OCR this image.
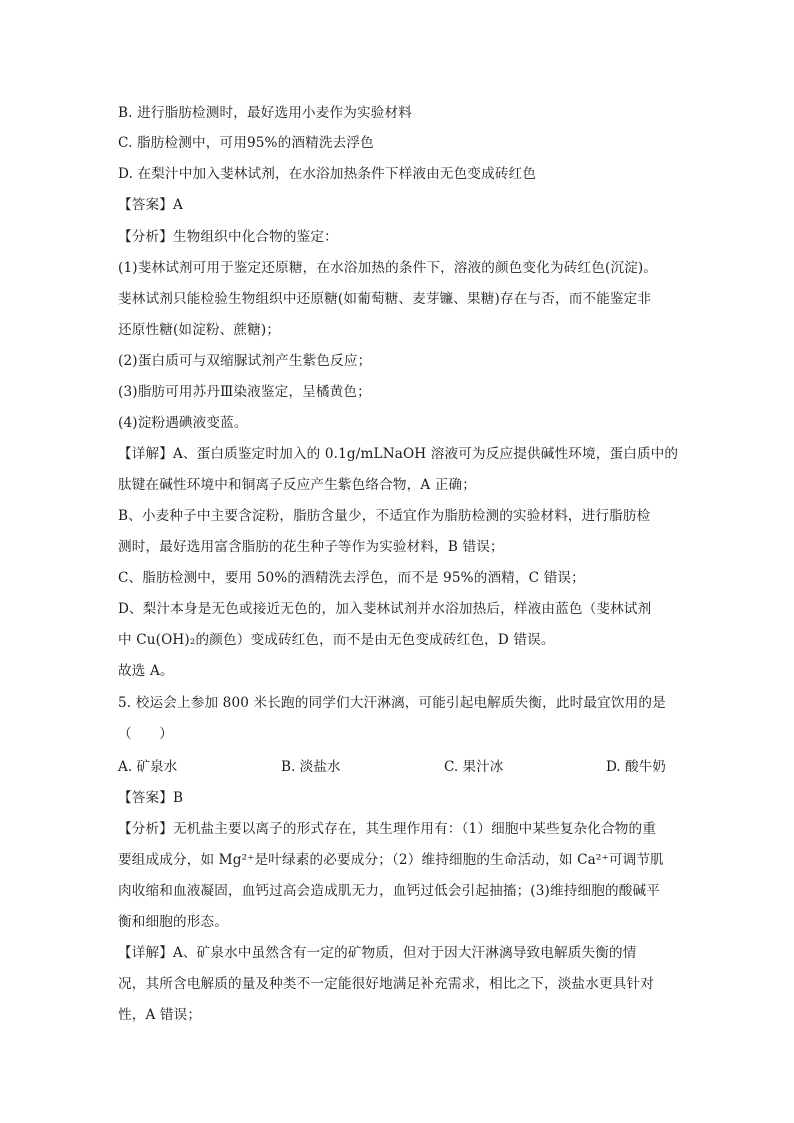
B. 进行脂肪检测时，最好选用小麦作为实验材料
C. 脂肪检测中，可用95%的酒精洗去浮色
D. 在梨汁中加入斐林试剂，在水浴加热条件下样液由无色变成砖红色
【答案】A
【分析】生物组织中化合物的鉴定：
(1)斐林试剂可用于鉴定还原糖，在水浴加热的条件下，溶液的颜色变化为砖红色(沉淀)。
斐林试剂只能检验生物组织中还原糖(如葡萄糖、麦芽镰、果糖)存在与否，而不能鉴定非
还原性糖(如淀粉、蔗糖)；
(2)蛋白质可与双缩脲试剂产生紫色反应；
(3)脂肪可用苏丹Ⅲ染液鉴定，呈橘黄色；
(4)淀粉遇碘液变蓝。
【详解】A、蛋白质鉴定时加入的 0.1g/mLNaOH 溶液可为反应提供碱性环境，蛋白质中的
肽键在碱性环境中和铜离子反应产生紫色络合物，A 正确；
B、小麦种子中主要含淀粉，脂肪含量少，不适宜作为脂肪检测的实验材料，进行脂肪检
测时，最好选用富含脂肪的花生种子等作为实验材料，B 错误；
C、脂肪检测中，要用 50%的酒精洗去浮色，而不是 95%的酒精，C 错误；
D、梨汁本身是无色或接近无色的，加入斐林试剂并水浴加热后，样液由蓝色（斐林试剂
中 Cu(OH)₂的颜色）变成砖红色，而不是由无色变成砖红色，D 错误。
故选 A。
5. 校运会上参加 800 米长跑的同学们大汗淋漓，可能引起电解质失衡，此时最宜饮用的是
（　　）
A. 矿泉水	B. 淡盐水	C. 果汁冰	D. 酸牛奶
【答案】B
【分析】无机盐主要以离子的形式存在，其生理作用有：（1）细胞中某些复杂化合物的重
要组成成分，如 Mg²⁺是叶绿素的必要成分；（2）维持细胞的生命活动，如 Ca²⁺可调节肌
肉收缩和血液凝固，血钙过高会造成肌无力，血钙过低会引起抽搐；(3)维持细胞的酸碱平
衡和细胞的形态。
【详解】A、矿泉水中虽然含有一定的矿物质，但对于因大汗淋漓导致电解质失衡的情
况，其所含电解质的量及种类不一定能很好地满足补充需求，相比之下，淡盐水更具针对
性，A 错误；
